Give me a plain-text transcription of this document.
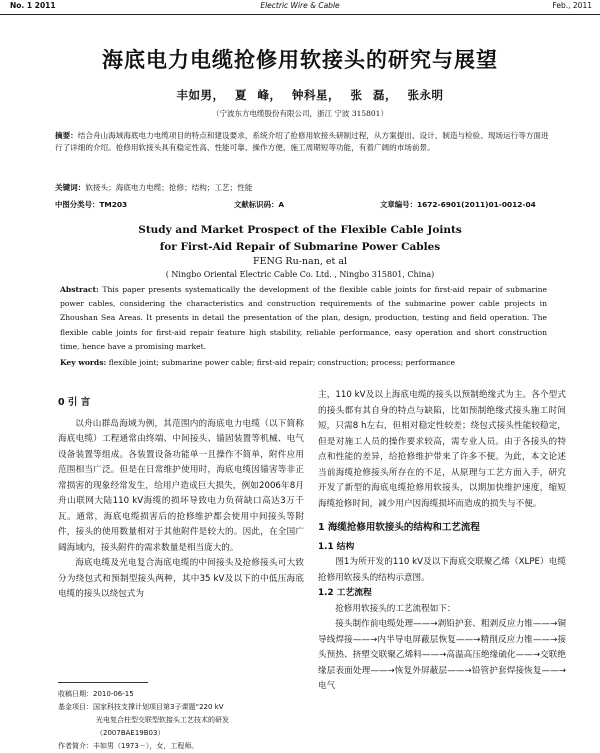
No. 1 2011	Electric Wire & Cable	Feb., 2011
海底电力电缆抢修用软接头的研究与展望
丰如男， 夏 峰， 钟科星， 张 磊， 张永明
（宁波东方电缆股份有限公司，浙江 宁波 315801）
摘要：结合舟山海域海底电力电缆项目的特点和建设要求，系统介绍了抢修用软接头研制过程，从方案提出、设计、制造与检验、现场运行等方面进行了详细的介绍。抢修用软接头具有稳定性高、性能可靠、操作方便、施工周期短等功能，有着广阔的市场前景。
关键词：软接头；海底电力电缆；抢修；结构；工艺；性能
中图分类号：TM203	文献标识码：A	文章编号：1672-6901(2011)01-0012-04
Study and Market Prospect of the Flexible Cable Joints
for First-Aid Repair of Submarine Power Cables
FENG Ru-nan, et al
( Ningbo Oriental Electric Cable Co. Ltd. , Ningbo 315801, China)
Abstract: This paper presents systematically the development of the flexible cable joints for first-aid repair of submarine power cables, considering the characteristics and construction requirements of the submarine power cable projects in Zhoushan Sea Areas. It presents in detail the presentation of the plan, design, production, testing and field operation. The flexible cable joints for first-aid repair feature high stability, reliable performance, easy operation and short construction time, hence have a promising market.
Key words: flexible joint; submarine power cable; first-aid repair; construction; process; performance
0 引 言

以舟山群岛海域为例，其范围内的海底电力电缆（以下简称海底电缆）工程通常由终端、中间接头、锚固装置等机械、电气设备装置等组成。各装置设备功能单一且操作不简单，附件应用范围相当广泛。但是在日常维护使用时，海底电缆因锚害等非正常损害的现象经常发生，给用户造成巨大损失，例如2006年8月舟山联网大陆110 kV海缆的损坏导致电力负荷缺口高达3万千瓦。通常，海底电缆损害后的抢修维护都会使用中间接头等附件，接头的使用数量相对于其他附件是较大的。因此，在全国广阔海域内，接头附件的需求数量是相当庞大的。

海底电缆及光电复合海底电缆的中间接头及抢修接头可大致分为绕包式和预制型接头两种，其中35 kV及以下的中低压海底电缆的接头以绕包式为

主，110 kV及以上海底电缆的接头以预制绝缘式为主。各个型式的接头都有其自身的特点与缺陷，比如预制绝缘式接头施工时间短，只需8 h左右，但相对稳定性较差；绕包式接头性能较稳定，但是对施工人员的操作要求较高，需专业人员。由于各接头的特点和性能的差异，给抢修维护带来了许多不便。为此，本文论述当前海缆抢修接头所存在的不足，从原理与工艺方面入手，研究开发了新型的海底电缆抢修用软接头，以期加快维护速度，缩短海缆抢修时间，减少用户因海缆损坏而造成的损失与不便。

1 海缆抢修用软接头的结构和工艺流程
1.1 结构

图1为所开发的110 kV及以下海底交联聚乙烯（XLPE）电缆抢修用软接头的结构示意图。

1.2 工艺流程

抢修用软接头的工艺流程如下：

接头制作前电缆处理——→剥铅护套、粗剥反应力锥——→铜导线焊接——→内半导电屏蔽层恢复——→精削反应力锥——→接头预热、挤塑交联聚乙烯料——→高温高压绝缘硫化——→交联绝缘层表面处理——→恢复外屏蔽层——→铅管护套焊接恢复——→电气

收稿日期：2010-06-15
基金项目：国家科技支撑计划项目第3子课题“220 kV
光电复合柱型交联型软接头工艺技术的研发
（2007BAE19B03）
作者简介：丰如男（1973－），女，工程师。
